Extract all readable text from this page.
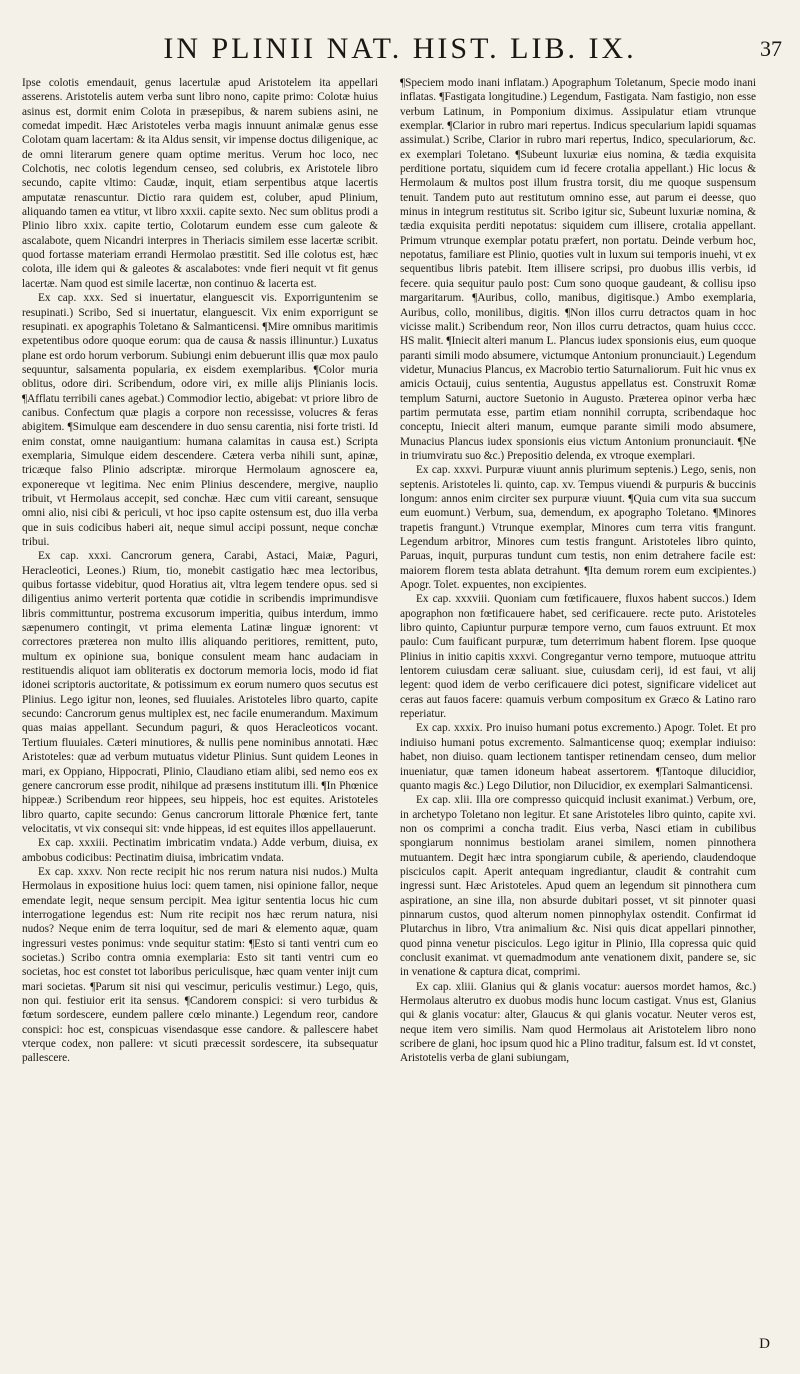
IN PLINII NAT. HIST. LIB. IX.	37

Ipse colotis emendauit, genus lacertulæ apud Aristotelem ita appellari asserens. Aristotelis autem verba sunt libro nono, capite primo: Colotæ huius asinus est, dormit enim Colota in præsepibus, & narem subiens asini, ne comedat impedit. Hæc Aristoteles verba magis innuunt animalæ genus esse Colotam quam lacertam: & ita Aldus sensit, vir impense doctus diligenique, ac de omni literarum genere quam optime meritus. Verum hoc loco, nec Colchotis, nec colotis legendum censeo, sed colubris, ex Aristotele libro secundo, capite vltimo: Caudæ, inquit, etiam serpentibus atque lacertis amputatæ renascuntur. Dictio rara quidem est, coluber, apud Plinium, aliquando tamen ea vtitur, vt libro xxxii. capite sexto. Nec sum oblitus prodi a Plinio libro xxix. capite tertio, Colotarum eundem esse cum galeote & ascalabote, quem Nicandri interpres in Theriacis similem esse lacertæ scribit. quod fortasse materiam errandi Hermolao præstitit. Sed ille colotus est, hæc colota, ille idem qui & galeotes & ascalabotes: vnde fieri nequit vt fit genus lacertæ. Nam quod est simile lacertæ, non continuo & lacerta est.

Ex cap. xxx. Sed si inuertatur, elanguescit vis. Exporriguntenim se resupinati.) Scribo, Sed si inuertatur, elanguescit. Vix enim exporrigunt se resupinati. ex apographis Toletano & Salmanticensi. ¶Mire omnibus maritimis expetentibus odore quoque eorum: qua de causa & nassis illinuntur.) Luxatus plane est ordo horum verborum. Subiungi enim debuerunt illis quæ mox paulo sequuntur, salsamenta popularia, ex eisdem exemplaribus. ¶Color muria oblitus, odore diri. Scribendum, odore viri, ex mille alijs Plinianis locis. ¶Afflatu terribili canes agebat.) Commodior lectio, abigebat: vt priore libro de canibus. Confectum quæ plagis a corpore non recessisse, volucres & feras abigitem. ¶Simulque eam descendere in duo sensu carentia, nisi forte tristi. Id enim constat, omne nauigantium: humana calamitas in causa est.) Scripta exemplaria, Simulque eidem descendere. Cætera verba nihili sunt, apinæ, tricæque falso Plinio adscriptæ. mirorque Hermolaum agnoscere ea, exponereque vt legitima. Nec enim Plinius descendere, mergive, nauplio tribuit, vt Hermolaus accepit, sed conchæ. Hæc cum vitii careant, sensuque omni alio, nisi cibi & periculi, vt hoc ipso capite ostensum est, duo illa verba que in suis codicibus haberi ait, neque simul accipi possunt, neque conchæ tribui.

Ex cap. xxxi. Cancrorum genera, Carabi, Astaci, Maiæ, Paguri, Heracleotici, Leones.) Rium, tio, monebit castigatio hæc mea lectoribus, quibus fortasse videbitur, quod Horatius ait, vltra legem tendere opus. sed si diligentius animo verterit portenta quæ cotidie in scribendis imprimundisve libris committuntur, postrema excusorum imperitia, quibus interdum, immo sæpenumero contingit, vt prima elementa Latinæ linguæ ignorent: vt correctores præterea non multo illis aliquando peritiores, remittent, puto, multum ex opinione sua, bonique consulent meam hanc audaciam in restituendis aliquot iam obliteratis ex doctorum memoria locis, modo id fiat idonei scriptoris auctoritate, & potissimum ex eorum numero quos secutus est Plinius. Lego igitur non, leones, sed fluuiales. Aristoteles libro quarto, capite secundo: Cancrorum genus multiplex est, nec facile enumerandum. Maximum quas maias appellant. Secundum paguri, & quos Heracleoticos vocant. Tertium fluuiales. Cæteri minutiores, & nullis pene nominibus annotati. Hæc Aristoteles: quæ ad verbum mutuatus videtur Plinius. Sunt quidem Leones in mari, ex Oppiano, Hippocrati, Plinio, Claudiano etiam alibi, sed nemo eos ex genere cancrorum esse prodit, nihilque ad præsens institutum illi. ¶In Phœnice hippeæ.) Scribendum reor hippees, seu hippeis, hoc est equites. Aristoteles libro quarto, capite secundo: Genus cancrorum littorale Phœnice fert, tante velocitatis, vt vix consequi sit: vnde hippeas, id est equites illos appellauerunt.

Ex cap. xxxiii. Pectinatim imbricatim vndata.) Adde verbum, diuisa, ex ambobus codicibus: Pectinatim diuisa, imbricatim vndata.

Ex cap. xxxv. Non recte recipit hic nos rerum natura nisi nudos.) Multa Hermolaus in expositione huius loci: quem tamen, nisi opinione fallor, neque emendate legit, neque sensum percipit. Mea igitur sententia locus hic cum interrogatione legendus est: Num rite recipit nos hæc rerum natura, nisi nudos? Neque enim de terra loquitur, sed de mari & elemento aquæ, quam ingressuri vestes ponimus: vnde sequitur statim: ¶Esto si tanti ventri cum eo societas.) Scribo contra omnia exemplaria: Esto sit tanti ventri cum eo societas, hoc est constet tot laboribus periculisque, hæc quam venter inijt cum mari societas. ¶Parum sit nisi qui vescimur, periculis vestimur.) Lego, quis, non qui. festiuior erit ita sensus. ¶Candorem conspici: si vero turbidus & fœtum sordescere, eundem pallere cœlo minante.) Legendum reor, candore conspici: hoc est, conspicuas visendasque esse candore. & pallescere habet vterque codex, non pallere: vt sicuti præcessit sordescere, ita subsequatur pallescere.

¶Speciem modo inani inflatam.) Apographum Toletanum, Specie modo inani inflatas. ¶Fastigata longitudine.) Legendum, Fastigata. Nam fastigio, non esse verbum Latinum, in Pomponium diximus. Assipulatur etiam vtrunque exemplar. ¶Clarior in rubro mari repertus. Indicus specularium lapidi squamas assimulat.) Scribe, Clarior in rubro mari repertus, Indico, speculariorum, &c. ex exemplari Toletano. ¶Subeunt luxuriæ eius nomina, & tædia exquisita perditione portatu, siquidem cum id fecere crotalia appellant.) Hic locus & Hermolaum & multos post illum frustra torsit, diu me quoque suspensum tenuit. Tandem puto aut restitutum omnino esse, aut parum ei deesse, quo minus in integrum restitutus sit. Scribo igitur sic, Subeunt luxuriæ nomina, & tædia exquisita perditi nepotatus: siquidem cum illisere, crotalia appellant. Primum vtrunque exemplar potatu præfert, non portatu. Deinde verbum hoc, nepotatus, familiare est Plinio, quoties vult in luxum sui temporis inuehi, vt ex sequentibus libris patebit. Item illisere scripsi, pro duobus illis verbis, id fecere. quia sequitur paulo post: Cum sono quoque gaudeant, & collisu ipso margaritarum. ¶Auribus, collo, manibus, digitisque.) Ambo exemplaria, Auribus, collo, monilibus, digitis. ¶Non illos curru detractos quam in hoc vicisse malit.) Scribendum reor, Non illos curru detractos, quam huius cccc. HS malit. ¶Iniecit alteri manum L. Plancus iudex sponsionis eius, eum quoque paranti simili modo absumere, victumque Antonium pronunciauit.) Legendum videtur, Munacius Plancus, ex Macrobio tertio Saturnaliorum. Fuit hic vnus ex amicis Octauij, cuius sententia, Augustus appellatus est. Construxit Romæ templum Saturni, auctore Suetonio in Augusto. Præterea opinor verba hæc partim permutata esse, partim etiam nonnihil corrupta, scribendaque hoc conceptu, Iniecit alteri manum, eumque parante simili modo absumere, Munacius Plancus iudex sponsionis eius victum Antonium pronunciauit. ¶Ne in triumviratu suo &c.) Prepositio delenda, ex vtroque exemplari.

Ex cap. xxxvi. Purpuræ viuunt annis plurimum septenis.) Lego, senis, non septenis. Aristoteles li. quinto, cap. xv. Tempus viuendi & purpuris & buccinis longum: annos enim circiter sex purpuræ viuunt. ¶Quia cum vita sua succum eum euomunt.) Verbum, sua, demendum, ex apographo Toletano. ¶Minores trapetis frangunt.) Vtrunque exemplar, Minores cum terra vitis frangunt. Legendum arbitror, Minores cum testis frangunt. Aristoteles libro quinto, Paruas, inquit, purpuras tundunt cum testis, non enim detrahere facile est: maiorem florem testa ablata detrahunt. ¶Ita demum rorem eum excipientes.) Apogr. Tolet. expuentes, non excipientes.

Ex cap. xxxviii. Quoniam cum fœtificauere, fluxos habent succos.) Idem apographon non fœtificauere habet, sed cerificauere. recte puto. Aristoteles libro quinto, Capiuntur purpuræ tempore verno, cum fauos extruunt. Et mox paulo: Cum fauificant purpuræ, tum deterrimum habent florem. Ipse quoque Plinius in initio capitis xxxvi. Congregantur verno tempore, mutuoque attritu lentorem cuiusdam ceræ saliuant. siue, cuiusdam cerij, id est faui, vt alij legent: quod idem de verbo cerificauere dici potest, significare videlicet aut ceras aut fauos facere: quamuis verbum compositum ex Græco & Latino raro reperiatur.

Ex cap. xxxix. Pro inuiso humani potus excremento.) Apogr. Tolet. Et pro indiuiso humani potus excremento. Salmanticense quoq; exemplar indiuiso: habet, non diuiso. quam lectionem tantisper retinendam censeo, dum melior inueniatur, quæ tamen idoneum habeat assertorem. ¶Tantoque dilucidior, quanto magis &c.) Lego Dilutior, non Dilucidior, ex exemplari Salmanticensi.

Ex cap. xlii. Illa ore compresso quicquid inclusit exanimat.) Verbum, ore, in archetypo Toletano non legitur. Et sane Aristoteles libro quinto, capite xvi. non os comprimi a concha tradit. Eius verba, Nasci etiam in cubilibus spongiarum nonnimus bestiolam aranei similem, nomen pinnothera mutuantem. Degit hæc intra spongiarum cubile, & aperiendo, claudendoque pisciculos capit. Aperit antequam ingrediantur, claudit & contrahit cum ingressi sunt. Hæc Aristoteles. Apud quem an legendum sit pinnothera cum aspiratione, an sine illa, non absurde dubitari posset, vt sit pinnoter quasi pinnarum custos, quod alterum nomen pinnophylax ostendit. Confirmat id Plutarchus in libro, Vtra animalium &c. Nisi quis dicat appellari pinnother, quod pinna venetur pisciculos. Lego igitur in Plinio, Illa copressa quic quid conclusit exanimat. vt quemadmodum ante venationem dixit, pandere se, sic in venatione & captura dicat, comprimi.

Ex cap. xliii. Glanius qui & glanis vocatur: auersos mordet hamos, &c.) Hermolaus alterutro ex duobus modis hunc locum castigat. Vnus est, Glanius qui & glanis vocatur: alter, Glaucus & qui glanis vocatur. Neuter veros est, neque item vero similis. Nam quod Hermolaus ait Aristotelem libro nono scribere de glani, hoc ipsum quod hic a Plino traditur, falsum est. Id vt constet, Aristotelis verba de glani subiungam,

D
